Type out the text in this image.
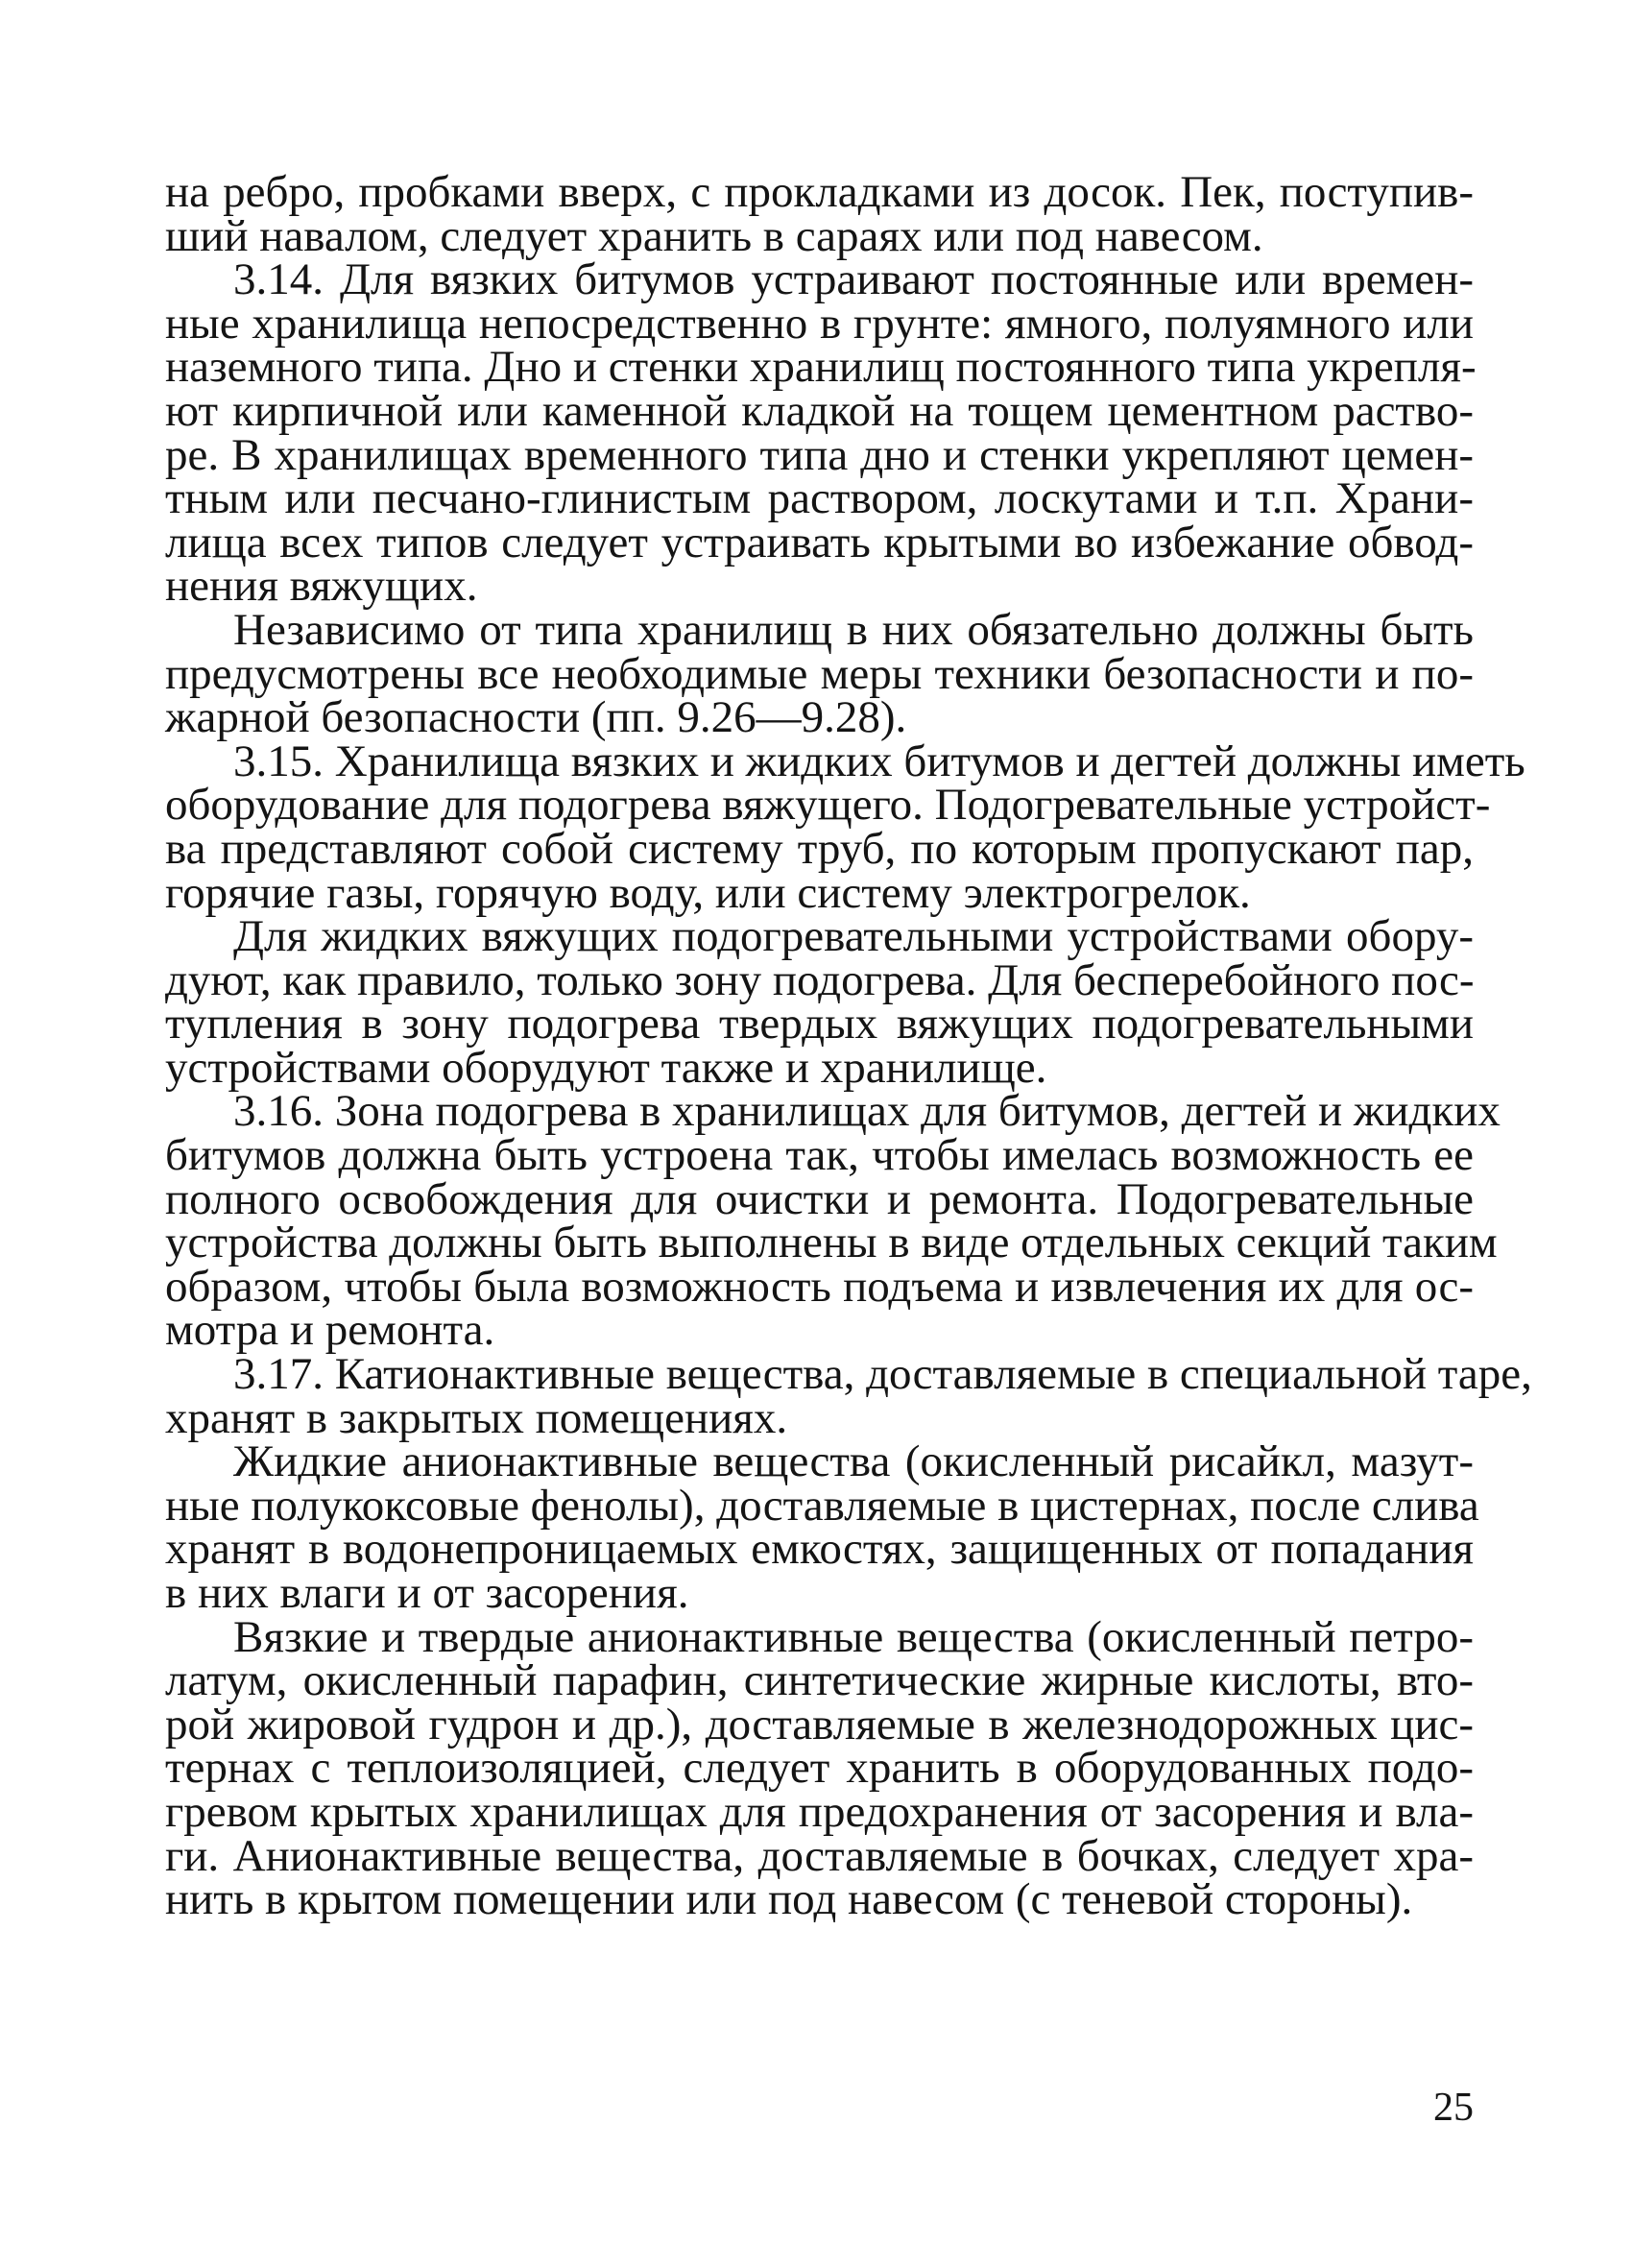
на ребро, пробками вверх, с прокладками из досок. Пек, поступив-
ший навалом, следует хранить в сараях или под навесом.
3.14. Для вязких битумов устраивают постоянные или времен-
ные хранилища непосредственно в грунте: ямного, полуямного или
наземного типа. Дно и стенки хранилищ постоянного типа укрепля-
ют кирпичной или каменной кладкой на тощем цементном раство-
ре. В хранилищах временного типа дно и стенки укрепляют цемен-
тным или песчано-глинистым раствором, лоскутами и т.п. Храни-
лища всех типов следует устраивать крытыми во избежание обвод-
нения вяжущих.
Независимо от типа хранилищ в них обязательно должны быть
предусмотрены все необходимые меры техники безопасности и по-
жарной безопасности (пп. 9.26—9.28).
3.15. Хранилища вязких и жидких битумов и дегтей должны иметь
оборудование для подогрева вяжущего. Подогревательные устройст-
ва представляют собой систему труб, по которым пропускают пар,
горячие газы, горячую воду, или систему электрогрелок.
Для жидких вяжущих подогревательными устройствами обору-
дуют, как правило, только зону подогрева. Для бесперебойного пос-
тупления в зону подогрева твердых вяжущих подогревательными
устройствами оборудуют также и хранилище.
3.16. Зона подогрева в хранилищах для битумов, дегтей и жидких
битумов должна быть устроена так, чтобы имелась возможность ее
полного освобождения для очистки и ремонта. Подогревательные
устройства должны быть выполнены в виде отдельных секций таким
образом, чтобы была возможность подъема и извлечения их для ос-
мотра и ремонта.
3.17. Катионактивные вещества, доставляемые в специальной таре,
хранят в закрытых помещениях.
Жидкие анионактивные вещества (окисленный рисайкл, мазут-
ные полукоксовые фенолы), доставляемые в цистернах, после слива
хранят в водонепроницаемых емкостях, защищенных от попадания
в них влаги и от засорения.
Вязкие и твердые анионактивные вещества (окисленный петро-
латум, окисленный парафин, синтетические жирные кислоты, вто-
рой жировой гудрон и др.), доставляемые в железнодорожных цис-
тернах с теплоизоляцией, следует хранить в оборудованных подо-
гревом крытых хранилищах для предохранения от засорения и вла-
ги. Анионактивные вещества, доставляемые в бочках, следует хра-
нить в крытом помещении или под навесом (с теневой стороны).
25
